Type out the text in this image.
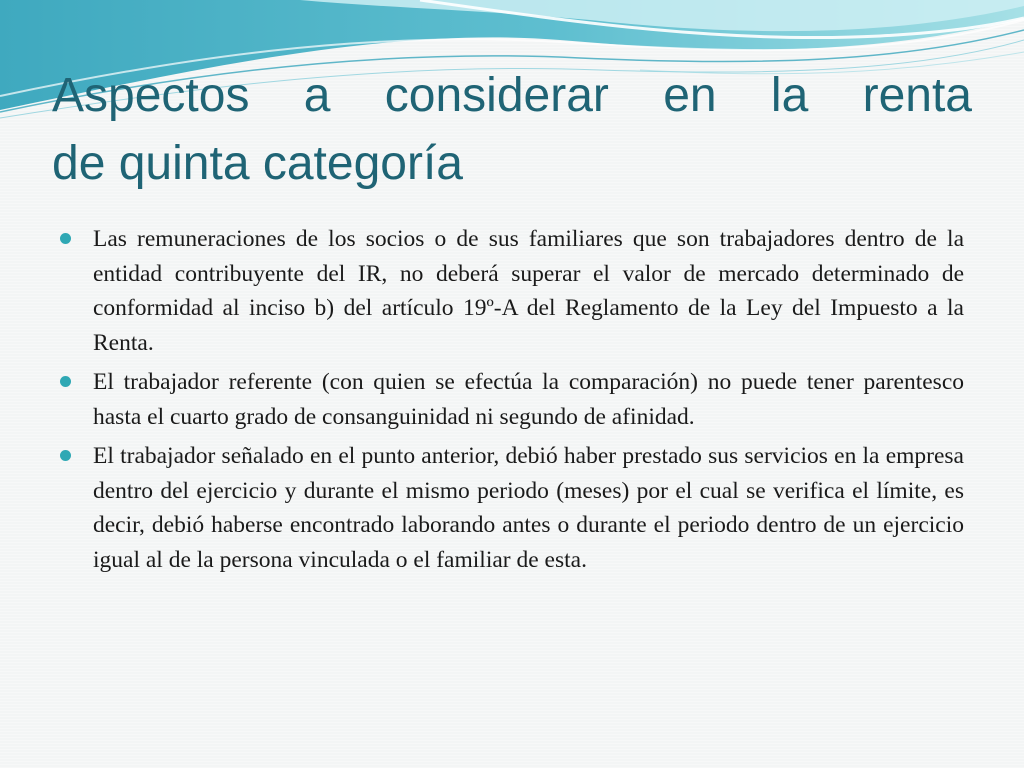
Aspectos a considerar en la renta
de quinta categoría
Las remuneraciones de los socios o de sus familiares que son trabajadores dentro de la entidad contribuyente del IR, no deberá superar el valor de mercado determinado de conformidad al inciso b) del artículo 19º-A del Reglamento de la Ley del Impuesto a la Renta.
El trabajador referente (con quien se efectúa la comparación) no puede tener parentesco hasta el cuarto grado de consanguinidad ni segundo de afinidad.
El trabajador señalado en el punto anterior, debió haber prestado sus servicios en la empresa dentro del ejercicio y durante el mismo periodo (meses) por el cual se verifica el límite, es decir, debió haberse encontrado laborando antes o durante el periodo dentro de un ejercicio igual al de la persona vinculada o el familiar de esta.
